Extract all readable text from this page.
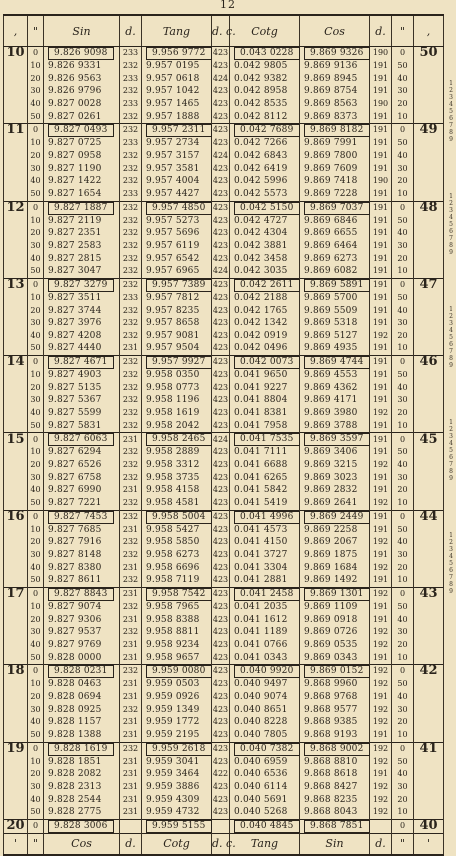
12
,	"	Sin	d.	Tang	d. c.	Cotg	Cos	d.	"	,
10	0	9.826 9098	233	9.956 9772	423	0.043 0228	9.869 9326	190	0	50
	10	9.826 9331	232	9.957 0195	423	0.042 9805	9.869 9136	191	50	
	20	9.826 9563	233	9.957 0618	424	0.042 9382	9.869 8945	191	40	
	30	9.826 9796	232	9.957 1042	423	0.042 8958	9.869 8754	191	30	
	40	9.827 0028	233	9.957 1465	423	0.042 8535	9.869 8563	190	20	
	50	9.827 0261	232	9.957 1888	423	0.042 8112	9.869 8373	191	10	
11	0	9.827 0493	232	9.957 2311	423	0.042 7689	9.869 8182	191	0	49
	10	9.827 0725	233	9.957 2734	423	0.042 7266	9.869 7991	191	50	
	20	9.827 0958	232	9.957 3157	424	0.042 6843	9.869 7800	191	40	
	30	9.827 1190	232	9.957 3581	423	0.042 6419	9.869 7609	191	30	
	40	9.827 1422	232	9.957 4004	423	0.042 5996	9.869 7418	190	20	
	50	9.827 1654	233	9.957 4427	423	0.042 5573	9.869 7228	191	10	
12	0	9.827 1887	232	9.957 4850	423	0.042 5150	9.869 7037	191	0	48
	10	9.827 2119	232	9.957 5273	423	0.042 4727	9.869 6846	191	50	
	20	9.827 2351	232	9.957 5696	423	0.042 4304	9.869 6655	191	40	
	30	9.827 2583	232	9.957 6119	423	0.042 3881	9.869 6464	191	30	
	40	9.827 2815	232	9.957 6542	423	0.042 3458	9.869 6273	191	20	
	50	9.827 3047	232	9.957 6965	424	0.042 3035	9.869 6082	191	10	
13	0	9.827 3279	232	9.957 7389	423	0.042 2611	9.869 5891	191	0	47
	10	9.827 3511	233	9.957 7812	423	0.042 2188	9.869 5700	191	50	
	20	9.827 3744	232	9.957 8235	423	0.042 1765	9.869 5509	191	40	
	30	9.827 3976	232	9.957 8658	423	0.042 1342	9.869 5318	191	30	
	40	9.827 4208	232	9.957 9081	423	0.042 0919	9.869 5127	192	20	
	50	9.827 4440	231	9.957 9504	423	0.042 0496	9.869 4935	191	10	
14	0	9.827 4671	232	9.957 9927	423	0.042 0073	9.869 4744	191	0	46
	10	9.827 4903	232	9.958 0350	423	0.041 9650	9.869 4553	191	50	
	20	9.827 5135	232	9.958 0773	423	0.041 9227	9.869 4362	191	40	
	30	9.827 5367	232	9.958 1196	423	0.041 8804	9.869 4171	191	30	
	40	9.827 5599	232	9.958 1619	423	0.041 8381	9.869 3980	192	20	
	50	9.827 5831	232	9.958 2042	423	0.041 7958	9.869 3788	191	10	
15	0	9.827 6063	231	9.958 2465	424	0.041 7535	9.869 3597	191	0	45
	10	9.827 6294	232	9.958 2889	423	0.041 7111	9.869 3406	191	50	
	20	9.827 6526	232	9.958 3312	423	0.041 6688	9.869 3215	192	40	
	30	9.827 6758	232	9.958 3735	423	0.041 6265	9.869 3023	191	30	
	40	9.827 6990	231	9.958 4158	423	0.041 5842	9.869 2832	191	20	
	50	9.827 7221	232	9.958 4581	423	0.041 5419	9.869 2641	192	10	
16	0	9.827 7453	232	9.958 5004	423	0.041 4996	9.869 2449	191	0	44
	10	9.827 7685	231	9.958 5427	423	0.041 4573	9.869 2258	191	50	
	20	9.827 7916	232	9.958 5850	423	0.041 4150	9.869 2067	192	40	
	30	9.827 8148	232	9.958 6273	423	0.041 3727	9.869 1875	191	30	
	40	9.827 8380	231	9.958 6696	423	0.041 3304	9.869 1684	192	20	
	50	9.827 8611	232	9.958 7119	423	0.041 2881	9.869 1492	191	10	
17	0	9.827 8843	231	9.958 7542	423	0.041 2458	9.869 1301	192	0	43
	10	9.827 9074	232	9.958 7965	423	0.041 2035	9.869 1109	191	50	
	20	9.827 9306	231	9.958 8388	423	0.041 1612	9.869 0918	191	40	
	30	9.827 9537	232	9.958 8811	423	0.041 1189	9.869 0726	192	30	
	40	9.827 9769	231	9.958 9234	423	0.041 0766	9.869 0535	192	20	
	50	9.828 0000	231	9.958 9657	423	0.041 0343	9.869 0343	191	10	
18	0	9.828 0231	232	9.959 0080	423	0.040 9920	9.869 0152	192	0	42
	10	9.828 0463	231	9.959 0503	423	0.040 9497	9.868 9960	192	50	
	20	9.828 0694	231	9.959 0926	423	0.040 9074	9.868 9768	191	40	
	30	9.828 0925	232	9.959 1349	423	0.040 8651	9.868 9577	192	30	
	40	9.828 1157	231	9.959 1772	423	0.040 8228	9.868 9385	192	20	
	50	9.828 1388	231	9.959 2195	423	0.040 7805	9.868 9193	191	10	
19	0	9.828 1619	232	9.959 2618	423	0.040 7382	9.868 9002	192	0	41
	10	9.828 1851	231	9.959 3041	423	0.040 6959	9.868 8810	192	50	
	20	9.828 2082	231	9.959 3464	422	0.040 6536	9.868 8618	191	40	
	30	9.828 2313	231	9.959 3886	423	0.040 6114	9.868 8427	192	30	
	40	9.828 2544	231	9.959 4309	423	0.040 5691	9.868 8235	192	20	
	50	9.828 2775	231	9.959 4732	423	0.040 5268	9.868 8043	192	10	
20	0	9.828 3006		9.959 5155		0.040 4845	9.868 7851		0	40
'	"	Cos	d.	Cotg	d. c.	Tang	Sin	d.	"	'
1
2
3
4
5
6
7
8
9
1
2
3
4
5
6
7
8
9
1
2
3
4
5
6
7
8
9
1
2
3
4
5
6
7
8
9
1
2
3
4
5
6
7
8
9
